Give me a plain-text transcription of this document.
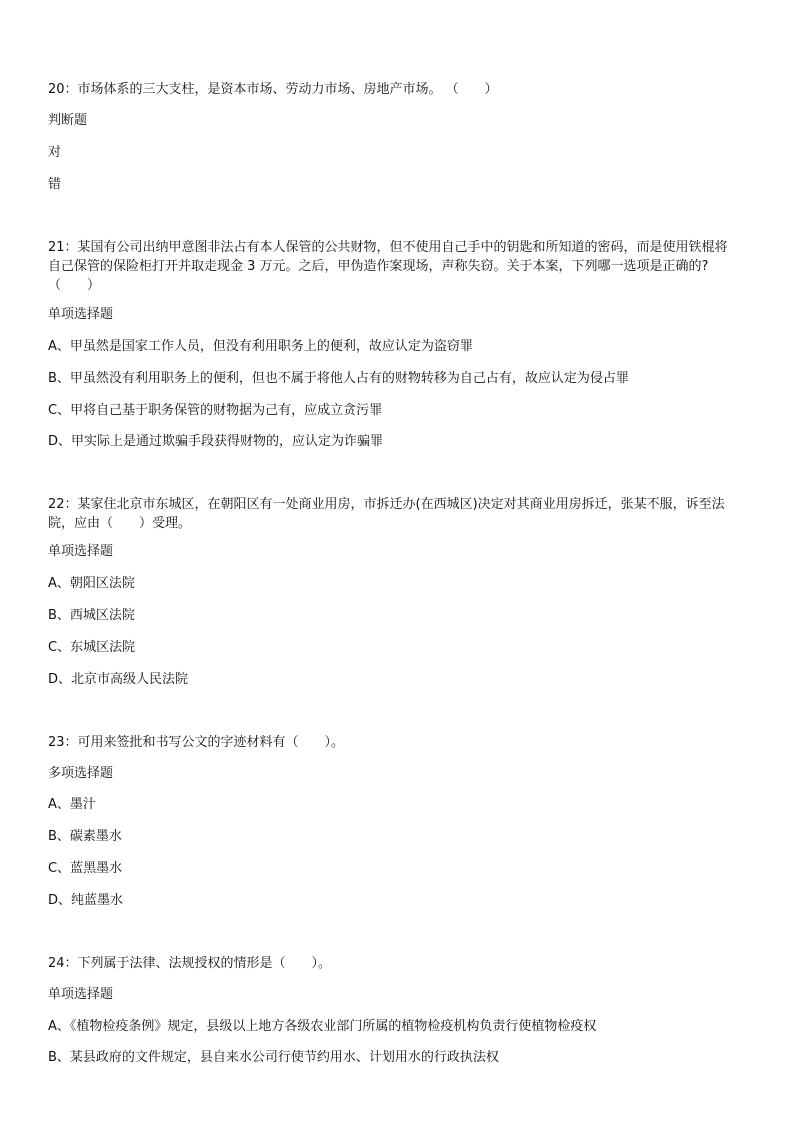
20：市场体系的三大支柱，是资本市场、劳动力市场、房地产市场。 （　　）
判断题
对
错
21：某国有公司出纳甲意图非法占有本人保管的公共财物，但不使用自己手中的钥匙和所知道的密码，而是使用铁棍将自己保管的保险柜打开并取走现金 3 万元。之后，甲伪造作案现场，声称失窃。关于本案，下列哪一选项是正确的?（　　）
单项选择题
A、甲虽然是国家工作人员，但没有利用职务上的便利，故应认定为盗窃罪
B、甲虽然没有利用职务上的便利，但也不属于将他人占有的财物转移为自己占有，故应认定为侵占罪
C、甲将自己基于职务保管的财物据为己有，应成立贪污罪
D、甲实际上是通过欺骗手段获得财物的，应认定为诈骗罪
22：某家住北京市东城区，在朝阳区有一处商业用房，市拆迁办(在西城区)决定对其商业用房拆迁，张某不服，诉至法院，应由（　　）受理。
单项选择题
A、朝阳区法院
B、西城区法院
C、东城区法院
D、北京市高级人民法院
23：可用来签批和书写公文的字迹材料有（　　）。
多项选择题
A、墨汁
B、碳素墨水
C、蓝黑墨水
D、纯蓝墨水
24：下列属于法律、法规授权的情形是（　　）。
单项选择题
A、《植物检疫条例》规定，县级以上地方各级农业部门所属的植物检疫机构负责行使植物检疫权
B、某县政府的文件规定，县自来水公司行使节约用水、计划用水的行政执法权
